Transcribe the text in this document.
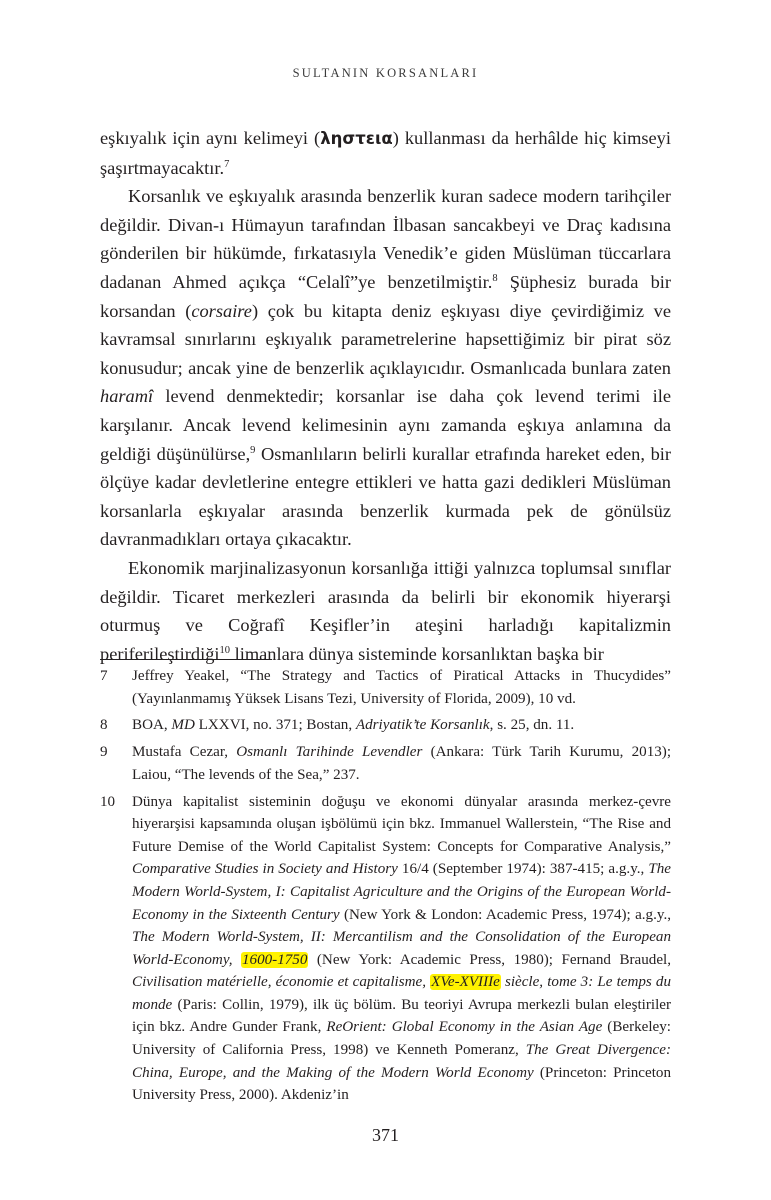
SULTANIN KORSANLARI

eşkıyalık için aynı kelimeyi (ληστεια) kullanması da herhâlde hiç kimseyi şaşırtmayacaktır.$^7$

Korsanlık ve eşkıyalık arasında benzerlik kuran sadece modern tarihçiler değildir. Divan-ı Hümayun tarafından İlbasan sancakbeyi ve Draç kadısına gönderilen bir hükümde, fırkatasıyla Venedik’e giden Müslüman tüccarlara dadanan Ahmed açıkça “Celalî”ye benzetilmiştir.$^8$ Şüphesiz burada bir korsandan (corsaire) çok bu kitapta deniz eşkıyası diye çevirdiğimiz ve kavramsal sınırlarını eşkıyalık parametrelerine hapsettiğimiz bir pirat söz konusudur; ancak yine de benzerlik açıklayıcıdır. Osmanlıcada bunlara zaten haramî levend denmektedir; korsanlar ise daha çok levend terimi ile karşılanır. Ancak levend kelimesinin aynı zamanda eşkıya anlamına da geldiği düşünülürse,$^9$ Osmanlıların belirli kurallar etrafında hareket eden, bir ölçüye kadar devletlerine entegre ettikleri ve hatta gazi dedikleri Müslüman korsanlarla eşkıyalar arasında benzerlik kurmada pek de gönülsüz davranmadıkları ortaya çıkacaktır.

Ekonomik marjinalizasyonun korsanlığa ittiği yalnızca toplumsal sınıflar değildir. Ticaret merkezleri arasında da belirli bir ekonomik hiyerarşi oturmuş ve Coğrafî Keşifler’in ateşini harladığı kapitalizmin periferileştirdiği$^{10}$ limanlara dünya sisteminde korsanlıktan başka bir

7	Jeffrey Yeakel, “The Strategy and Tactics of Piratical Attacks in Thucydides” (Yayınlanmamış Yüksek Lisans Tezi, University of Florida, 2009), 10 vd.
8	BOA, MD LXXVI, no. 371; Bostan, Adriyatik’te Korsanlık, s. 25, dn. 11.
9	Mustafa Cezar, Osmanlı Tarihinde Levendler (Ankara: Türk Tarih Kurumu, 2013); Laiou, “The levends of the Sea,” 237.
10	Dünya kapitalist sisteminin doğuşu ve ekonomi dünyalar arasında merkez-çevre hiyerarşisi kapsamında oluşan işbölümü için bkz. Immanuel Wallerstein, “The Rise and Future Demise of the World Capitalist System: Concepts for Comparative Analysis,” Comparative Studies in Society and History 16/4 (September 1974): 387-415; a.g.y., The Modern World-System, I: Capitalist Agriculture and the Origins of the European World-Economy in the Sixteenth Century (New York & London: Academic Press, 1974); a.g.y., The Modern World-System, II: Mercantilism and the Consolidation of the European World-Economy, 1600-1750 (New York: Academic Press, 1980); Fernand Braudel, Civilisation matérielle, économie et capitalisme, XVe-XVIIIe siècle, tome 3: Le temps du monde (Paris: Collin, 1979), ilk üç bölüm. Bu teoriyi Avrupa merkezli bulan eleştiriler için bkz. Andre Gunder Frank, ReOrient: Global Economy in the Asian Age (Berkeley: University of California Press, 1998) ve Kenneth Pomeranz, The Great Divergence: China, Europe, and the Making of the Modern World Economy (Princeton: Princeton University Press, 2000). Akdeniz’in
371
